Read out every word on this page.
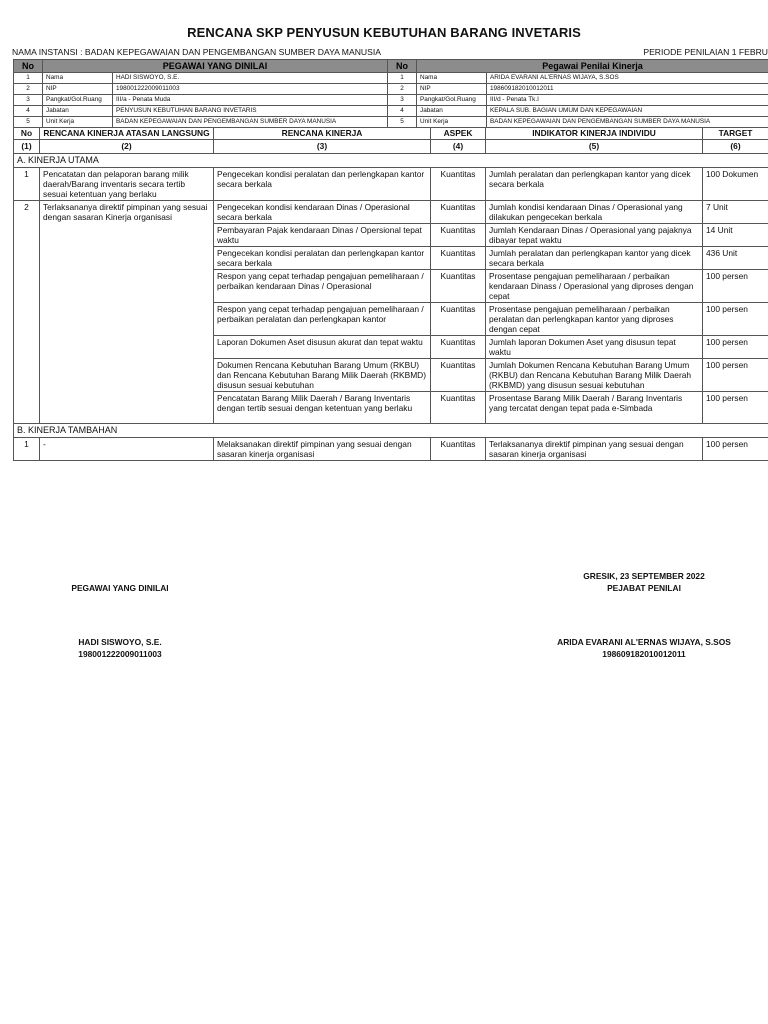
RENCANA SKP PENYUSUN KEBUTUHAN BARANG INVETARIS
NAMA INSTANSI : BADAN KEPEGAWAIAN DAN PENGEMBANGAN SUMBER DAYA MANUSIA	PERIODE PENILAIAN 1 FEBRU
No	PEGAWAI YANG DINILAI		No	Pegawai Penilai Kinerja	
1	Nama	HADI SISWOYO, S.E.	1	Nama	ARIDA EVARANI AL'ERNAS WIJAYA, S.SOS
2	NIP	198001222009011003	2	NIP	198609182010012011
3	Pangkat/Gol.Ruang	III/a - Penata Muda	3	Pangkat/Gol.Ruang	III/d - Penata Tk.I
4	Jabatan	PENYUSUN KEBUTUHAN BARANG INVETARIS	4	Jabatan	KEPALA SUB. BAGIAN UMUM DAN KEPEGAWAIAN
5	Unit Kerja	BADAN KEPEGAWAIAN DAN PENGEMBANGAN SUMBER DAYA MANUSIA	5	Unit Kerja	BADAN KEPEGAWAIAN DAN PENGEMBANGAN SUMBER DAYA MANUSIA
No	RENCANA KINERJA ATASAN LANGSUNG	RENCANA KINERJA	ASPEK	INDIKATOR KINERJA INDIVIDU	TARGET
(1)	(2)	(3)	(4)	(5)	(6)
A. KINERJA UTAMA					
1	Pencatatan dan pelaporan barang milik daerah/Barang inventaris secara tertib sesuai ketentuan yang berlaku	Pengecekan kondisi peralatan dan perlengkapan kantor secara berkala	Kuantitas	Jumlah peralatan dan perlengkapan kantor yang dicek secara berkala	100 Dokumen
2	Terlaksananya direktif pimpinan yang sesuai dengan sasaran Kinerja organisasi	Pengecekan kondisi kendaraan Dinas / Operasional secara berkala	Kuantitas	Jumlah kondisi kendaraan Dinas / Operasional yang dilakukan pengecekan berkala	7 Unit
		Pembayaran Pajak kendaraan Dinas / Opersional tepat waktu	Kuantitas	Jumlah Kendaraan Dinas / Operasional yang pajaknya dibayar tepat waktu	14 Unit
		Pengecekan kondisi peralatan dan perlengkapan kantor secara berkala	Kuantitas	Jumlah peralatan dan perlengkapan kantor yang dicek secara berkala	436 Unit
		Respon yang cepat terhadap pengajuan pemeliharaan / perbaikan kendaraan Dinas / Operasional	Kuantitas	Prosentase pengajuan pemeliharaan / perbaikan kendaraan Dinass / Operasional yang diproses dengan cepat	100 persen
		Respon yang cepat terhadap pengajuan pemeliharaan / perbaikan peralatan dan perlengkapan kantor	Kuantitas	Prosentase pengajuan pemeliharaan / perbaikan peralatan dan perlengkapan kantor yang diproses dengan cepat	100 persen
		Laporan Dokumen Aset disusun akurat dan tepat waktu	Kuantitas	Jumlah laporan Dokumen Aset yang disusun tepat waktu	100 persen
		Dokumen Rencana Kebutuhan Barang Umum (RKBU) dan Rencana Kebutuhan Barang Milik Daerah (RKBMD) disusun sesuai kebutuhan	Kuantitas	Jumlah Dokumen Rencana Kebutuhan Barang Umum (RKBU) dan Rencana Kebutuhan Barang Milik Daerah (RKBMD) yang disusun sesuai kebutuhan	100 persen
		Pencatatan Barang Milik Daerah / Barang Inventaris dengan tertib sesuai dengan ketentuan yang berlaku	Kuantitas	Prosentase Barang Milik Daerah / Barang Inventaris yang tercatat dengan tepat pada e-Simbada	100 persen
B. KINERJA TAMBAHAN					
1	-	Melaksanakan direktif pimpinan yang sesuai dengan sasaran kinerja organisasi	Kuantitas	Terlaksananya direktif pimpinan yang sesuai dengan sasaran kinerja organisasi	100 persen
PEGAWAI YANG DINILAI
HADI SISWOYO, S.E.
198001222009011003
GRESIK, 23 SEPTEMBER 2022
PEJABAT PENILAI
ARIDA EVARANI AL'ERNAS WIJAYA, S.SOS
198609182010012011
